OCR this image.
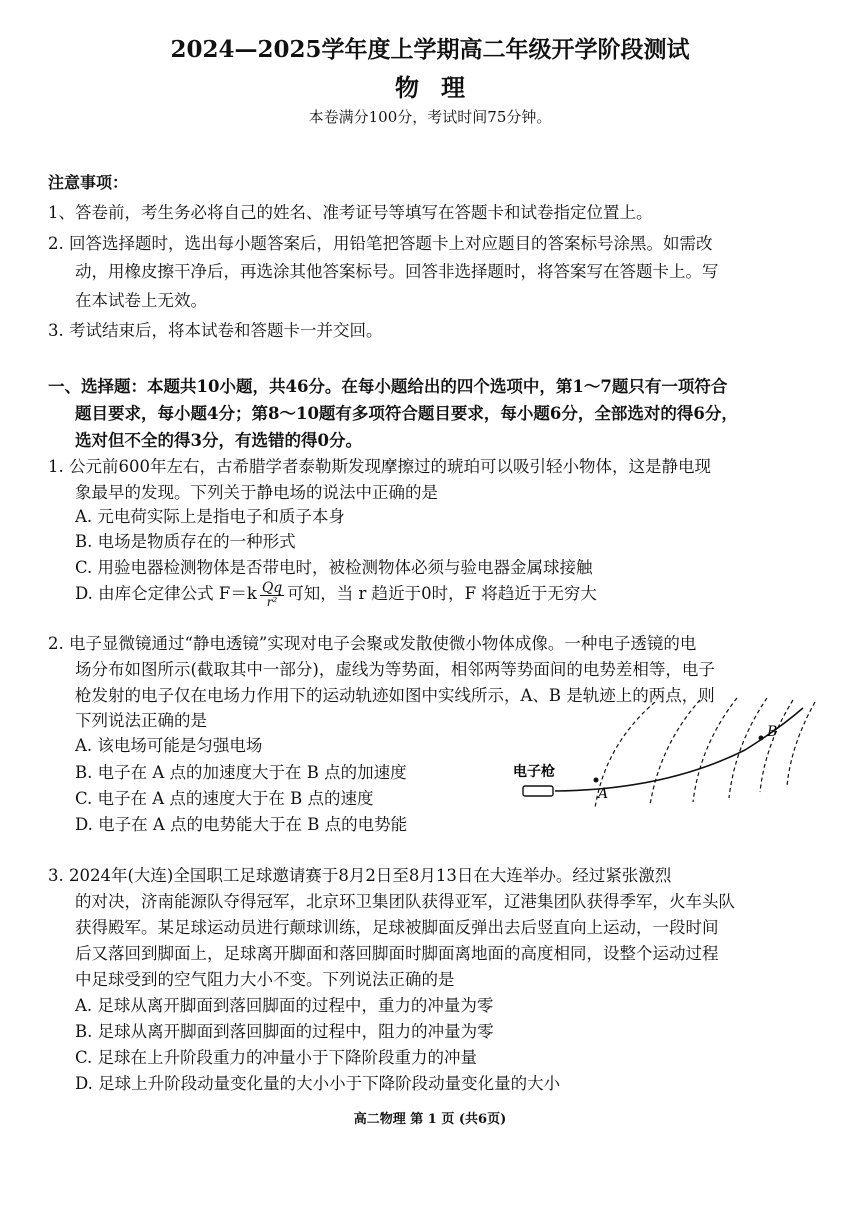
2024—2025学年度上学期高二年级开学阶段测试
物理
本卷满分100分，考试时间75分钟。
注意事项：
1、答卷前，考生务必将自己的姓名、准考证号等填写在答题卡和试卷指定位置上。
2. 回答选择题时，选出每小题答案后，用铅笔把答题卡上对应题目的答案标号涂黑。如需改
动，用橡皮擦干净后，再选涂其他答案标号。回答非选择题时，将答案写在答题卡上。写
在本试卷上无效。
3. 考试结束后，将本试卷和答题卡一并交回。
一、选择题：本题共10小题，共46分。在每小题给出的四个选项中，第1～7题只有一项符合
题目要求，每小题4分；第8～10题有多项符合题目要求，每小题6分，全部选对的得6分，
选对但不全的得3分，有选错的得0分。
1. 公元前600年左右，古希腊学者泰勒斯发现摩擦过的琥珀可以吸引轻小物体，这是静电现
象最早的发现。下列关于静电场的说法中正确的是
A. 元电荷实际上是指电子和质子本身
B. 电场是物质存在的一种形式
C. 用验电器检测物体是否带电时，被检测物体必须与验电器金属球接触
D. 由库仑定律公式 $F=k \frac{Qq}{\text{r²}}$ 可知，当 r 趋近于0时，F 将趋近于无穷大
2. 电子显微镜通过“静电透镜”实现对电子会聚或发散使微小物体成像。一种电子透镜的电
场分布如图所示(截取其中一部分)，虚线为等势面，相邻两等势面间的电势差相等，电子
枪发射的电子仅在电场力作用下的运动轨迹如图中实线所示，A、B 是轨迹上的两点，则
下列说法正确的是
A. 该电场可能是匀强电场
B. 电子在 A 点的加速度大于在 B 点的加速度
C. 电子在 A 点的速度大于在 B 点的速度
D. 电子在 A 点的电势能大于在 B 点的电势能
电子枪
A
B
3. 2024年(大连)全国职工足球邀请赛于8月2日至8月13日在大连举办。经过紧张激烈
的对决，济南能源队夺得冠军，北京环卫集团队获得亚军，辽港集团队获得季军，火车头队
获得殿军。某足球运动员进行颠球训练，足球被脚面反弹出去后竖直向上运动，一段时间
后又落回到脚面上，足球离开脚面和落回脚面时脚面离地面的高度相同，设整个运动过程
中足球受到的空气阻力大小不变。下列说法正确的是
A. 足球从离开脚面到落回脚面的过程中，重力的冲量为零
B. 足球从离开脚面到落回脚面的过程中，阻力的冲量为零
C. 足球在上升阶段重力的冲量小于下降阶段重力的冲量
D. 足球上升阶段动量变化量的大小小于下降阶段动量变化量的大小
高二物理 第 1 页 (共6页)
